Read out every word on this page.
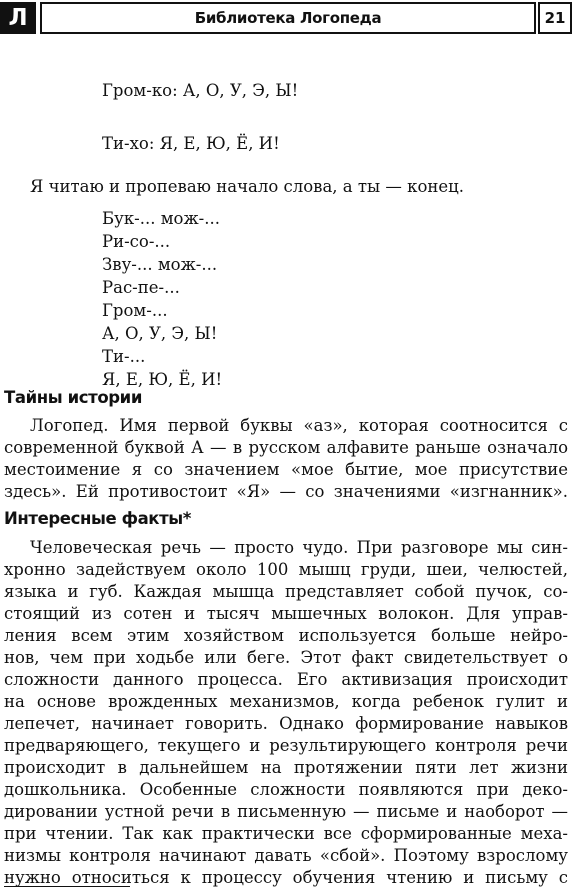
Л	Библиотека Логопеда	21
Гром-ко: А, О, У, Э, Ы!
Ти-хо: Я, Е, Ю, Ё, И!
Я читаю и пропеваю начало слова, а ты — конец.
Бук-... мож-...
Ри-со-...
Зву-... мож-...
Рас-пе-...
Гром-...
А, О, У, Э, Ы!
Ти-...
Я, Е, Ю, Ё, И!
Тайны истории
Логопед. Имя первой буквы «аз», которая соотносится с
современной буквой А — в русском алфавите раньше означало
местоимение я со значением «мое бытие, мое присутствие
здесь». Ей противостоит «Я» — со значениями «изгнанник».
Интересные факты*
Человеческая речь — просто чудо. При разговоре мы син-
хронно задействуем около 100 мышц груди, шеи, челюстей,
языка и губ. Каждая мышца представляет собой пучок, со-
стоящий из сотен и тысяч мышечных волокон. Для управ-
ления всем этим хозяйством используется больше нейро-
нов, чем при ходьбе или беге. Этот факт свидетельствует о
сложности данного процесса. Его активизация происходит
на основе врожденных механизмов, когда ребенок гулит и
лепечет, начинает говорить. Однако формирование навыков
предваряющего, текущего и результирующего контроля речи
происходит в дальнейшем на протяжении пяти лет жизни
дошкольника. Особенные сложности появляются при деко-
дировании устной речи в письменную — письме и наоборот —
при чтении. Так как практически все сформированные меха-
низмы контроля начинают давать «сбой». Поэтому взрослому
нужно относиться к процессу обучения чтению и письму с
